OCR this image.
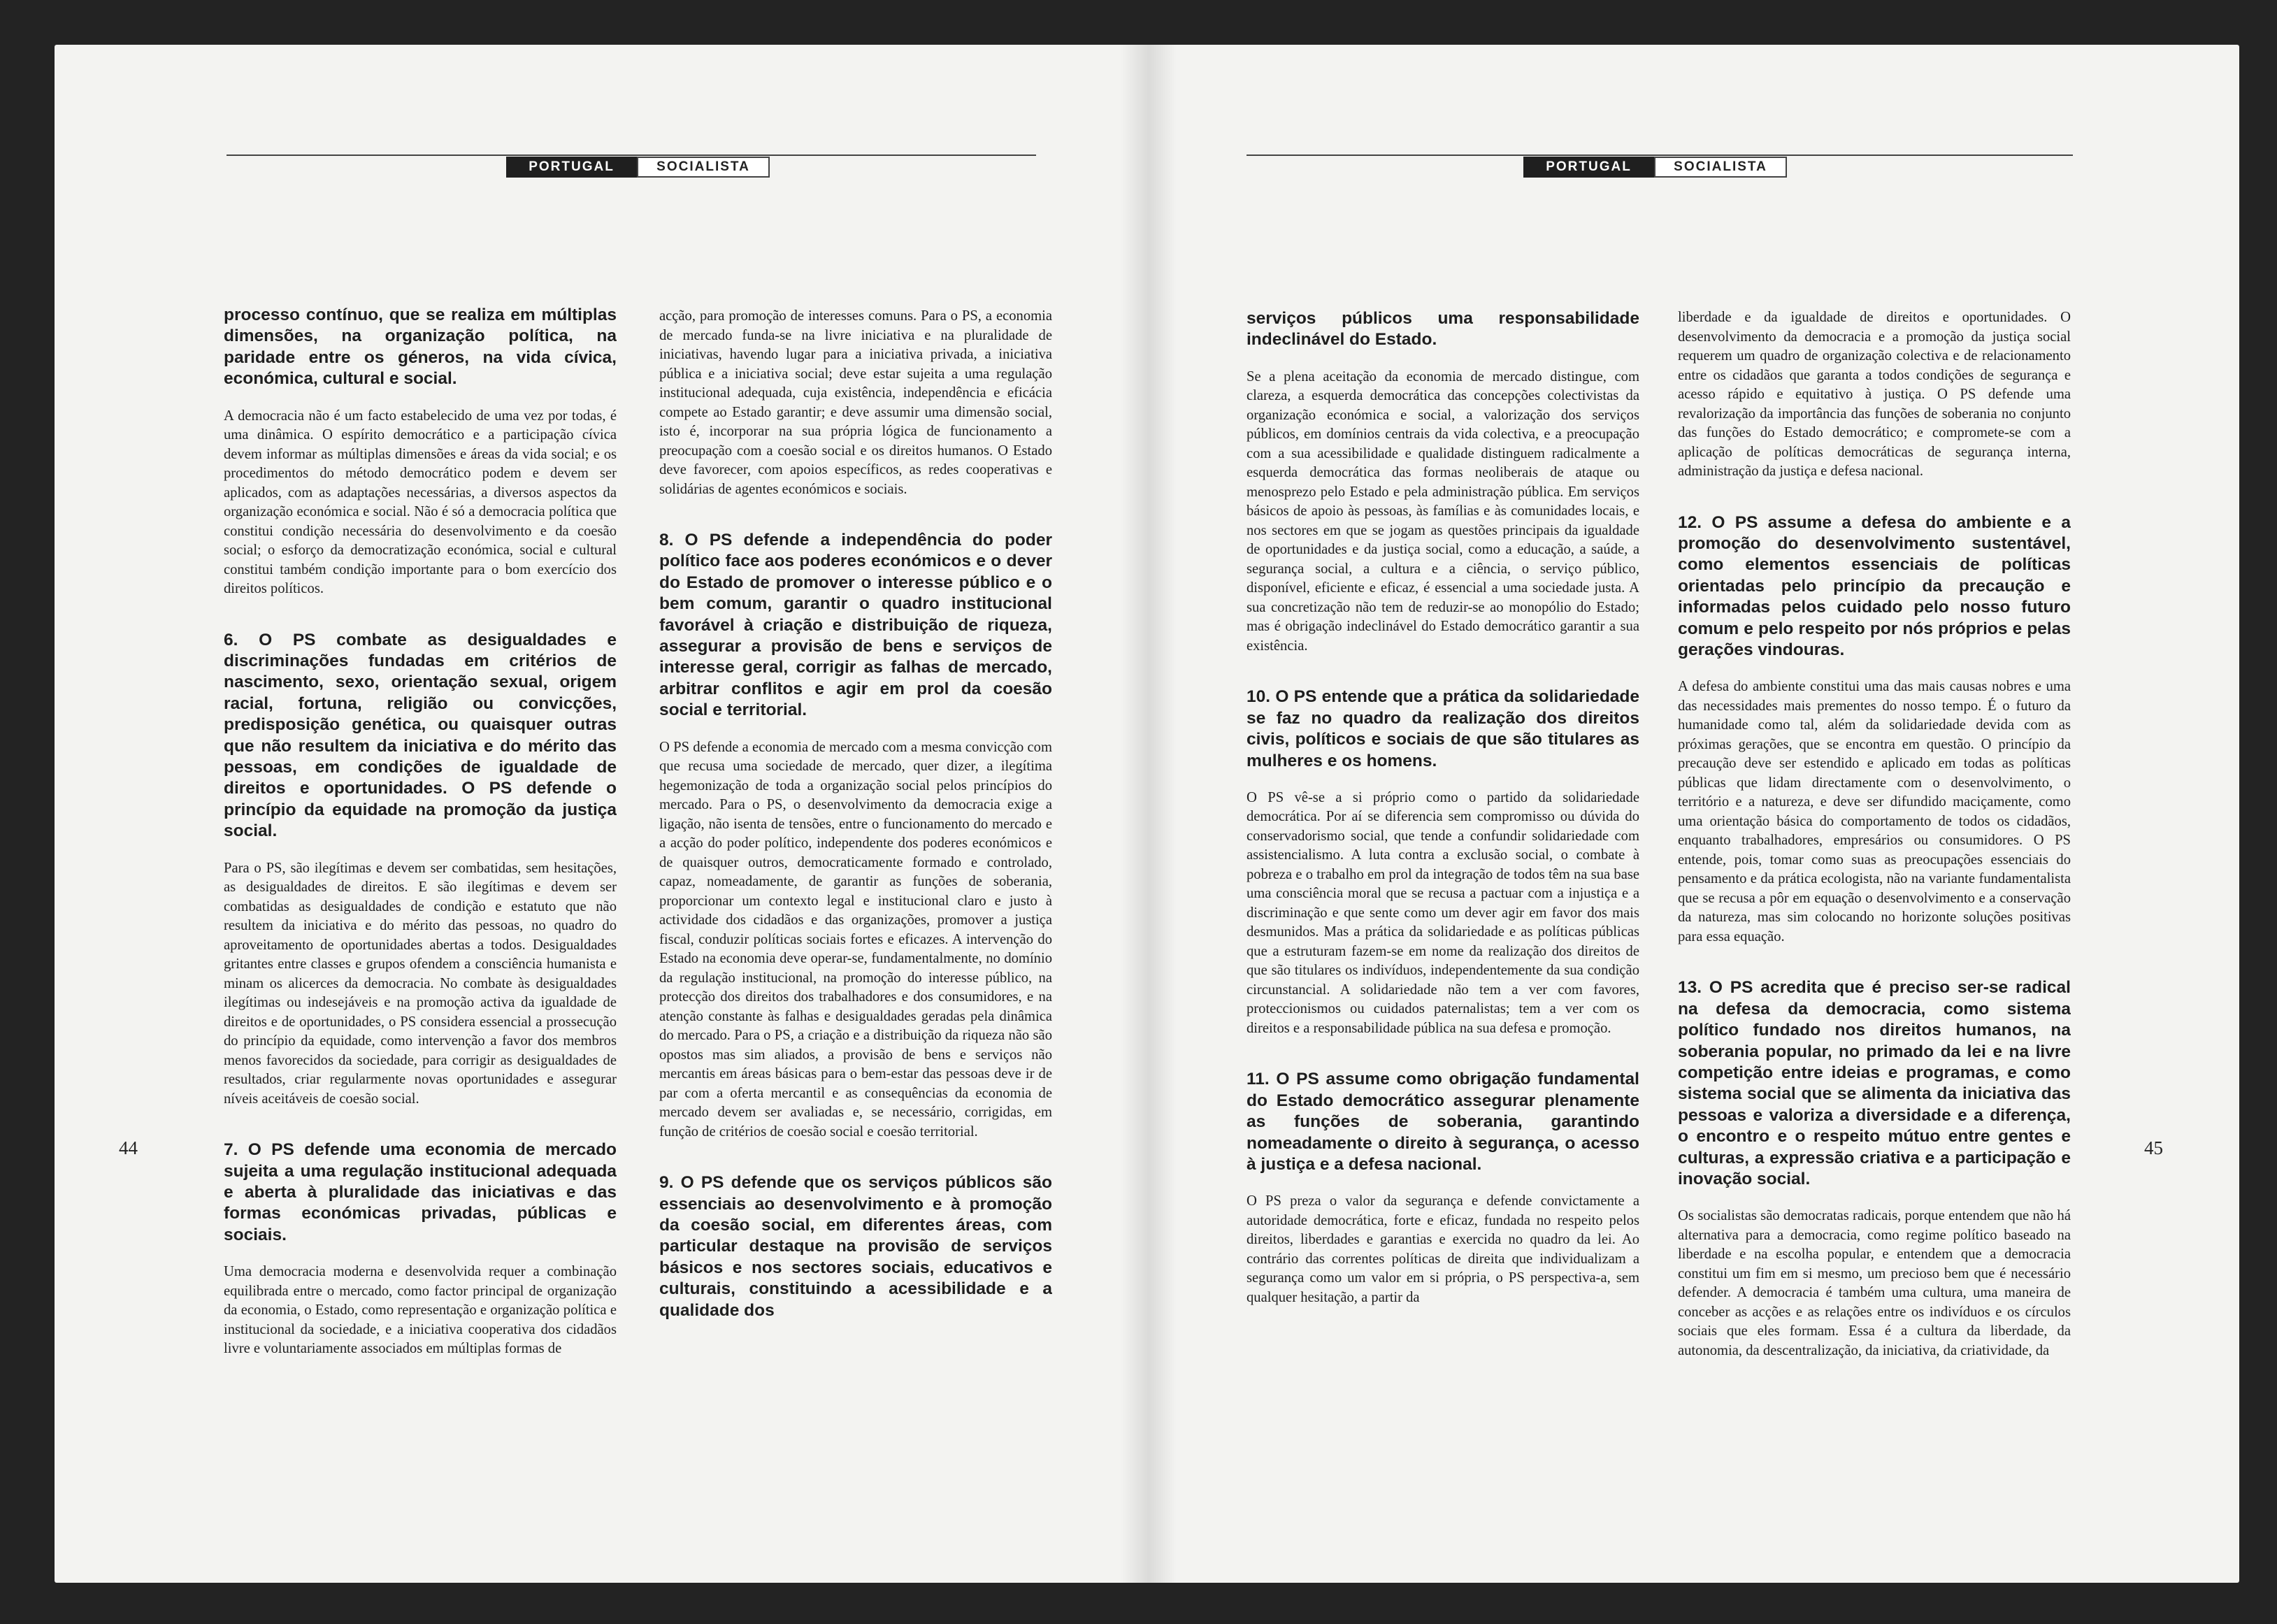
PORTUGAL	SOCIALISTA
processo contínuo, que se realiza em múltiplas dimensões, na organização política, na paridade entre os géneros, na vida cívica, económica, cultural e social.
A democracia não é um facto estabelecido de uma vez por todas, é uma dinâmica. O espírito democrático e a participação cívica devem informar as múltiplas dimensões e áreas da vida social; e os procedimentos do método democrático podem e devem ser aplicados, com as adaptações necessárias, a diversos aspectos da organização económica e social. Não é só a democracia política que constitui condição necessária do desenvolvimento e da coesão social; o esforço da democratização económica, social e cultural constitui também condição importante para o bom exercício dos direitos políticos.
6. O PS combate as desigualdades e discriminações fundadas em critérios de nascimento, sexo, orientação sexual, origem racial, fortuna, religião ou convicções, predisposição genética, ou quaisquer outras que não resultem da iniciativa e do mérito das pessoas, em condições de igualdade de direitos e oportunidades. O PS defende o princípio da equidade na promoção da justiça social.
Para o PS, são ilegítimas e devem ser combatidas, sem hesitações, as desigualdades de direitos. E são ilegítimas e devem ser combatidas as desigualdades de condição e estatuto que não resultem da iniciativa e do mérito das pessoas, no quadro do aproveitamento de oportunidades abertas a todos. Desigualdades gritantes entre classes e grupos ofendem a consciência humanista e minam os alicerces da democracia. No combate às desigualdades ilegítimas ou indesejáveis e na promoção activa da igualdade de direitos e de oportunidades, o PS considera essencial a prossecução do princípio da equidade, como intervenção a favor dos membros menos favorecidos da sociedade, para corrigir as desigualdades de resultados, criar regularmente novas oportunidades e assegurar níveis aceitáveis de coesão social.
7. O PS defende uma economia de mercado sujeita a uma regulação institucional adequada e aberta à pluralidade das iniciativas e das formas económicas privadas, públicas e sociais.
Uma democracia moderna e desenvolvida requer a combinação equilibrada entre o mercado, como factor principal de organização da economia, o Estado, como representação e organização política e institucional da sociedade, e a iniciativa cooperativa dos cidadãos livre e voluntariamente associados em múltiplas formas de
acção, para promoção de interesses comuns. Para o PS, a economia de mercado funda-se na livre iniciativa e na pluralidade de iniciativas, havendo lugar para a iniciativa privada, a iniciativa pública e a iniciativa social; deve estar sujeita a uma regulação institucional adequada, cuja existência, independência e eficácia compete ao Estado garantir; e deve assumir uma dimensão social, isto é, incorporar na sua própria lógica de funcionamento a preocupação com a coesão social e os direitos humanos. O Estado deve favorecer, com apoios específicos, as redes cooperativas e solidárias de agentes económicos e sociais.
8. O PS defende a independência do poder político face aos poderes económicos e o dever do Estado de promover o interesse público e o bem comum, garantir o quadro institucional favorável à criação e distribuição de riqueza, assegurar a provisão de bens e serviços de interesse geral, corrigir as falhas de mercado, arbitrar conflitos e agir em prol da coesão social e territorial.
O PS defende a economia de mercado com a mesma convicção com que recusa uma sociedade de mercado, quer dizer, a ilegítima hegemonização de toda a organização social pelos princípios do mercado. Para o PS, o desenvolvimento da democracia exige a ligação, não isenta de tensões, entre o funcionamento do mercado e a acção do poder político, independente dos poderes económicos e de quaisquer outros, democraticamente formado e controlado, capaz, nomeadamente, de garantir as funções de soberania, proporcionar um contexto legal e institucional claro e justo à actividade dos cidadãos e das organizações, promover a justiça fiscal, conduzir políticas sociais fortes e eficazes. A intervenção do Estado na economia deve operar-se, fundamentalmente, no domínio da regulação institucional, na promoção do interesse público, na protecção dos direitos dos trabalhadores e dos consumidores, e na atenção constante às falhas e desigualdades geradas pela dinâmica do mercado. Para o PS, a criação e a distribuição da riqueza não são opostos mas sim aliados, a provisão de bens e serviços não mercantis em áreas básicas para o bem-estar das pessoas deve ir de par com a oferta mercantil e as consequências da economia de mercado devem ser avaliadas e, se necessário, corrigidas, em função de critérios de coesão social e coesão territorial.
9. O PS defende que os serviços públicos são essenciais ao desenvolvimento e à promoção da coesão social, em diferentes áreas, com particular destaque na provisão de serviços básicos e nos sectores sociais, educativos e culturais, constituindo a acessibilidade e a qualidade dos
44
PORTUGAL	SOCIALISTA
serviços públicos uma responsabilidade indeclinável do Estado.
Se a plena aceitação da economia de mercado distingue, com clareza, a esquerda democrática das concepções colectivistas da organização económica e social, a valorização dos serviços públicos, em domínios centrais da vida colectiva, e a preocupação com a sua acessibilidade e qualidade distinguem radicalmente a esquerda democrática das formas neoliberais de ataque ou menosprezo pelo Estado e pela administração pública. Em serviços básicos de apoio às pessoas, às famílias e às comunidades locais, e nos sectores em que se jogam as questões principais da igualdade de oportunidades e da justiça social, como a educação, a saúde, a segurança social, a cultura e a ciência, o serviço público, disponível, eficiente e eficaz, é essencial a uma sociedade justa. A sua concretização não tem de reduzir-se ao monopólio do Estado; mas é obrigação indeclinável do Estado democrático garantir a sua existência.
10. O PS entende que a prática da solidariedade se faz no quadro da realização dos direitos civis, políticos e sociais de que são titulares as mulheres e os homens.
O PS vê-se a si próprio como o partido da solidariedade democrática. Por aí se diferencia sem compromisso ou dúvida do conservadorismo social, que tende a confundir solidariedade com assistencialismo. A luta contra a exclusão social, o combate à pobreza e o trabalho em prol da integração de todos têm na sua base uma consciência moral que se recusa a pactuar com a injustiça e a discriminação e que sente como um dever agir em favor dos mais desmunidos. Mas a prática da solidariedade e as políticas públicas que a estruturam fazem-se em nome da realização dos direitos de que são titulares os indivíduos, independentemente da sua condição circunstancial. A solidariedade não tem a ver com favores, proteccionismos ou cuidados paternalistas; tem a ver com os direitos e a responsabilidade pública na sua defesa e promoção.
11. O PS assume como obrigação fundamental do Estado democrático assegurar plenamente as funções de soberania, garantindo nomeadamente o direito à segurança, o acesso à justiça e a defesa nacional.
O PS preza o valor da segurança e defende convictamente a autoridade democrática, forte e eficaz, fundada no respeito pelos direitos, liberdades e garantias e exercida no quadro da lei. Ao contrário das correntes políticas de direita que individualizam a segurança como um valor em si própria, o PS perspectiva-a, sem qualquer hesitação, a partir da
liberdade e da igualdade de direitos e oportunidades. O desenvolvimento da democracia e a promoção da justiça social requerem um quadro de organização colectiva e de relacionamento entre os cidadãos que garanta a todos condições de segurança e acesso rápido e equitativo à justiça. O PS defende uma revalorização da importância das funções de soberania no conjunto das funções do Estado democrático; e compromete-se com a aplicação de políticas democráticas de segurança interna, administração da justiça e defesa nacional.
12. O PS assume a defesa do ambiente e a promoção do desenvolvimento sustentável, como elementos essenciais de políticas orientadas pelo princípio da precaução e informadas pelos cuidado pelo nosso futuro comum e pelo respeito por nós próprios e pelas gerações vindouras.
A defesa do ambiente constitui uma das mais causas nobres e uma das necessidades mais prementes do nosso tempo. É o futuro da humanidade como tal, além da solidariedade devida com as próximas gerações, que se encontra em questão. O princípio da precaução deve ser estendido e aplicado em todas as políticas públicas que lidam directamente com o desenvolvimento, o território e a natureza, e deve ser difundido maciçamente, como uma orientação básica do comportamento de todos os cidadãos, enquanto trabalhadores, empresários ou consumidores. O PS entende, pois, tomar como suas as preocupações essenciais do pensamento e da prática ecologista, não na variante fundamentalista que se recusa a pôr em equação o desenvolvimento e a conservação da natureza, mas sim colocando no horizonte soluções positivas para essa equação.
13. O PS acredita que é preciso ser-se radical na defesa da democracia, como sistema político fundado nos direitos humanos, na soberania popular, no primado da lei e na livre competição entre ideias e programas, e como sistema social que se alimenta da iniciativa das pessoas e valoriza a diversidade e a diferença, o encontro e o respeito mútuo entre gentes e culturas, a expressão criativa e a participação e inovação social.
Os socialistas são democratas radicais, porque entendem que não há alternativa para a democracia, como regime político baseado na liberdade e na escolha popular, e entendem que a democracia constitui um fim em si mesmo, um precioso bem que é necessário defender. A democracia é também uma cultura, uma maneira de conceber as acções e as relações entre os indivíduos e os círculos sociais que eles formam. Essa é a cultura da liberdade, da autonomia, da descentralização, da iniciativa, da criatividade, da
45
